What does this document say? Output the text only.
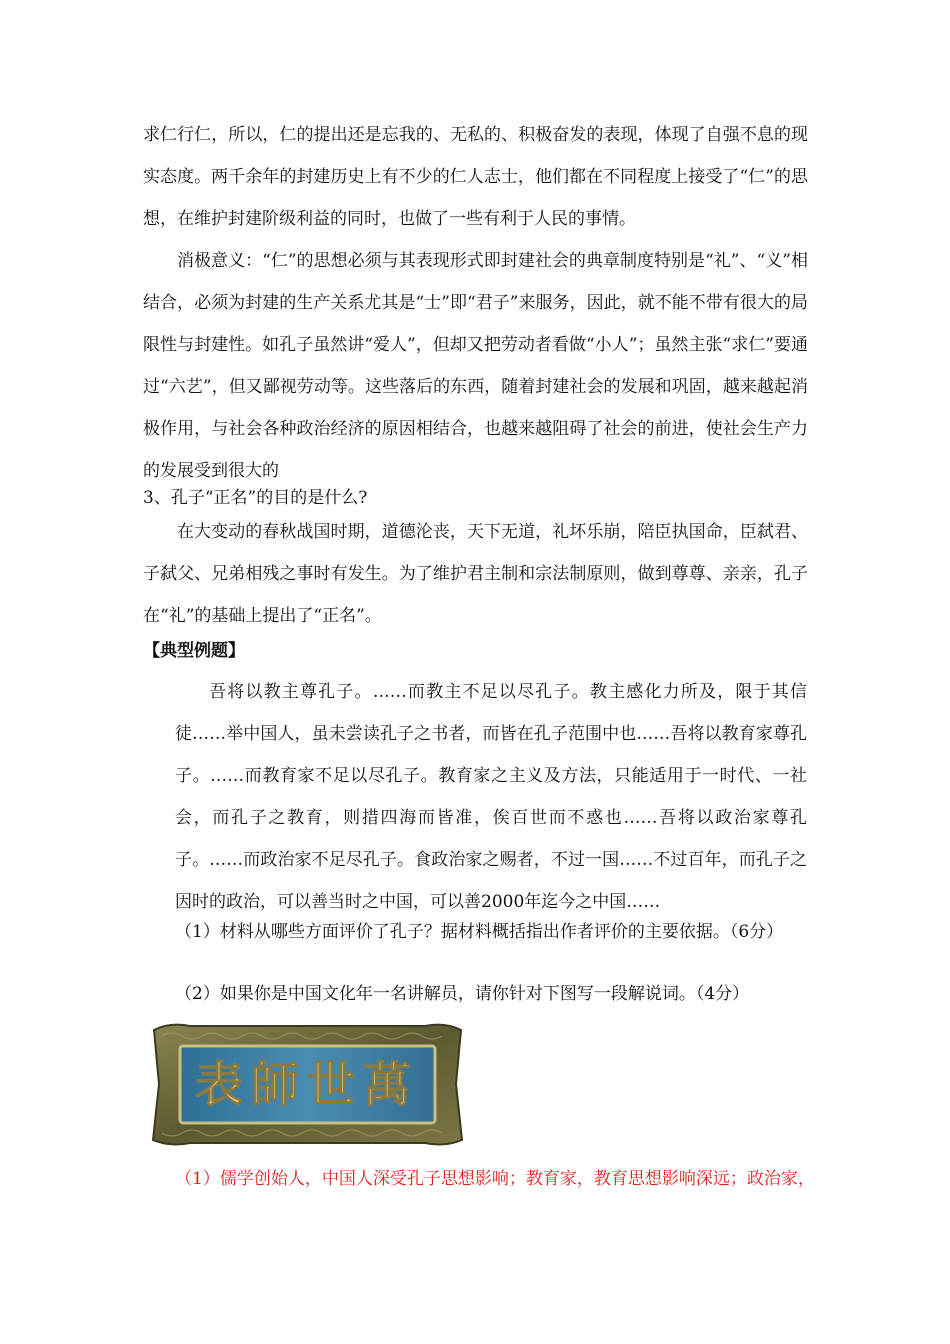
求仁行仁，所以，仁的提出还是忘我的、无私的、积极奋发的表现，体现了自强不息的现实态度。两千余年的封建历史上有不少的仁人志士，他们都在不同程度上接受了“仁”的思想，在维护封建阶级利益的同时，也做了一些有利于人民的事情。
消极意义：“仁”的思想必须与其表现形式即封建社会的典章制度特别是“礼”、“义”相结合，必须为封建的生产关系尤其是“士”即“君子”来服务，因此，就不能不带有很大的局限性与封建性。如孔子虽然讲“爱人”，但却又把劳动者看做“小人”；虽然主张“求仁”要通过“六艺”，但又鄙视劳动等。这些落后的东西，随着封建社会的发展和巩固，越来越起消极作用，与社会各种政治经济的原因相结合，也越来越阻碍了社会的前进，使社会生产力的发展受到很大的
3、孔子“正名”的目的是什么?
在大变动的春秋战国时期，道德沦丧，天下无道，礼坏乐崩，陪臣执国命，臣弑君、子弑父、兄弟相残之事时有发生。为了维护君主制和宗法制原则，做到尊尊、亲亲，孔子在“礼”的基础上提出了“正名”。
【典型例题】
吾将以教主尊孔子。……而教主不足以尽孔子。教主感化力所及，限于其信徒……举中国人，虽未尝读孔子之书者，而皆在孔子范围中也……吾将以教育家尊孔子。……而教育家不足以尽孔子。教育家之主义及方法，只能适用于一时代、一社会，而孔子之教育，则措四海而皆准，俟百世而不惑也……吾将以政治家尊孔子。……而政治家不足尽孔子。食政治家之赐者，不过一国……不过百年，而孔子之因时的政治，可以善当时之中国，可以善2000年迄今之中国……
（1）材料从哪些方面评价了孔子？据材料概括指出作者评价的主要依据。（6分）
（2）如果你是中国文化年一名讲解员，请你针对下图写一段解说词。（4分）
表師世萬
（1）儒学创始人，中国人深受孔子思想影响；教育家，教育思想影响深远；政治家，
